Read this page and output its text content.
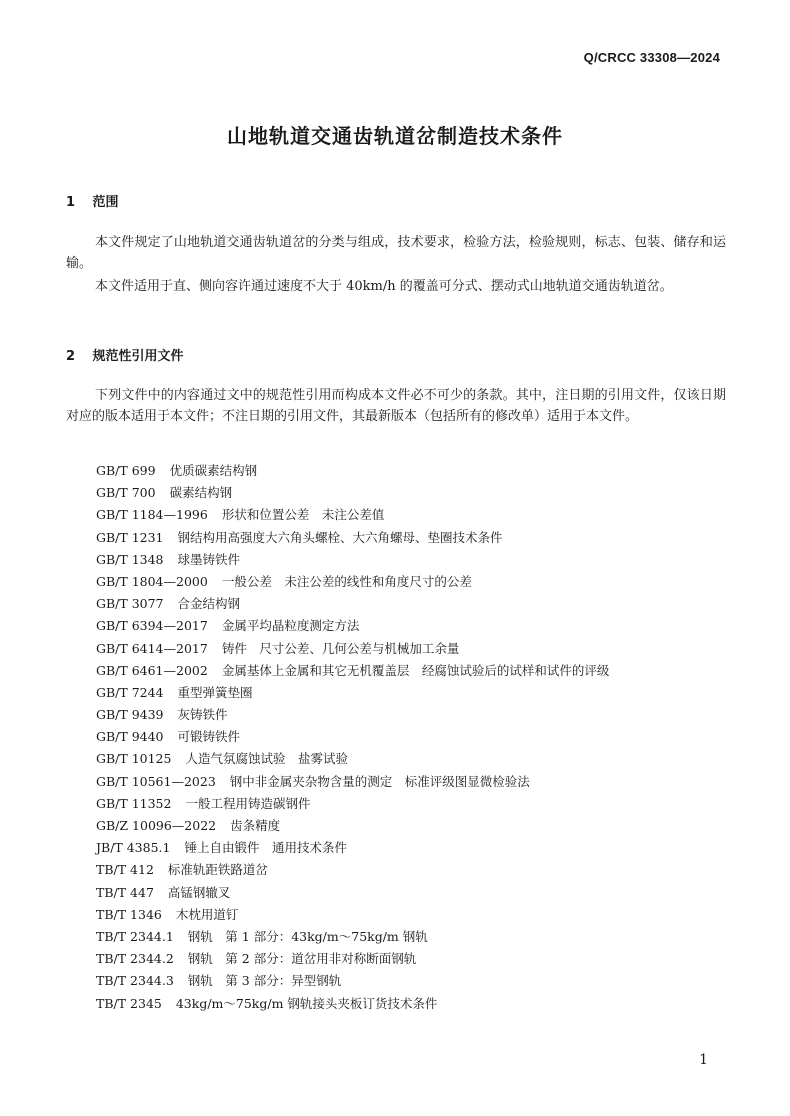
Q/CRCC 33308—2024
山地轨道交通齿轨道岔制造技术条件
1 范围
本文件规定了山地轨道交通齿轨道岔的分类与组成，技术要求，检验方法，检验规则，标志、包装、储存和运输。
本文件适用于直、侧向容许通过速度不大于 40km/h 的覆盖可分式、摆动式山地轨道交通齿轨道岔。
2 规范性引用文件
下列文件中的内容通过文中的规范性引用而构成本文件必不可少的条款。其中，注日期的引用文件，仅该日期对应的版本适用于本文件；不注日期的引用文件，其最新版本（包括所有的修改单）适用于本文件。
GB/T 699 优质碳素结构钢
GB/T 700 碳素结构钢
GB/T 1184—1996 形状和位置公差　未注公差值
GB/T 1231 钢结构用高强度大六角头螺栓、大六角螺母、垫圈技术条件
GB/T 1348 球墨铸铁件
GB/T 1804—2000 一般公差　未注公差的线性和角度尺寸的公差
GB/T 3077 合金结构钢
GB/T 6394—2017 金属平均晶粒度测定方法
GB/T 6414—2017 铸件　尺寸公差、几何公差与机械加工余量
GB/T 6461—2002 金属基体上金属和其它无机覆盖层　经腐蚀试验后的试样和试件的评级
GB/T 7244 重型弹簧垫圈
GB/T 9439 灰铸铁件
GB/T 9440 可锻铸铁件
GB/T 10125 人造气氛腐蚀试验　盐雾试验
GB/T 10561—2023 钢中非金属夹杂物含量的测定　标准评级图显微检验法
GB/T 11352 一般工程用铸造碳钢件
GB/Z 10096—2022 齿条精度
JB/T 4385.1 锤上自由锻件　通用技术条件
TB/T 412 标准轨距铁路道岔
TB/T 447 高锰钢辙叉
TB/T 1346 木枕用道钉
TB/T 2344.1 钢轨　第 1 部分：43kg/m～75kg/m 钢轨
TB/T 2344.2 钢轨　第 2 部分：道岔用非对称断面钢轨
TB/T 2344.3 钢轨　第 3 部分：异型钢轨
TB/T 2345 43kg/m～75kg/m 钢轨接头夹板订货技术条件
1
